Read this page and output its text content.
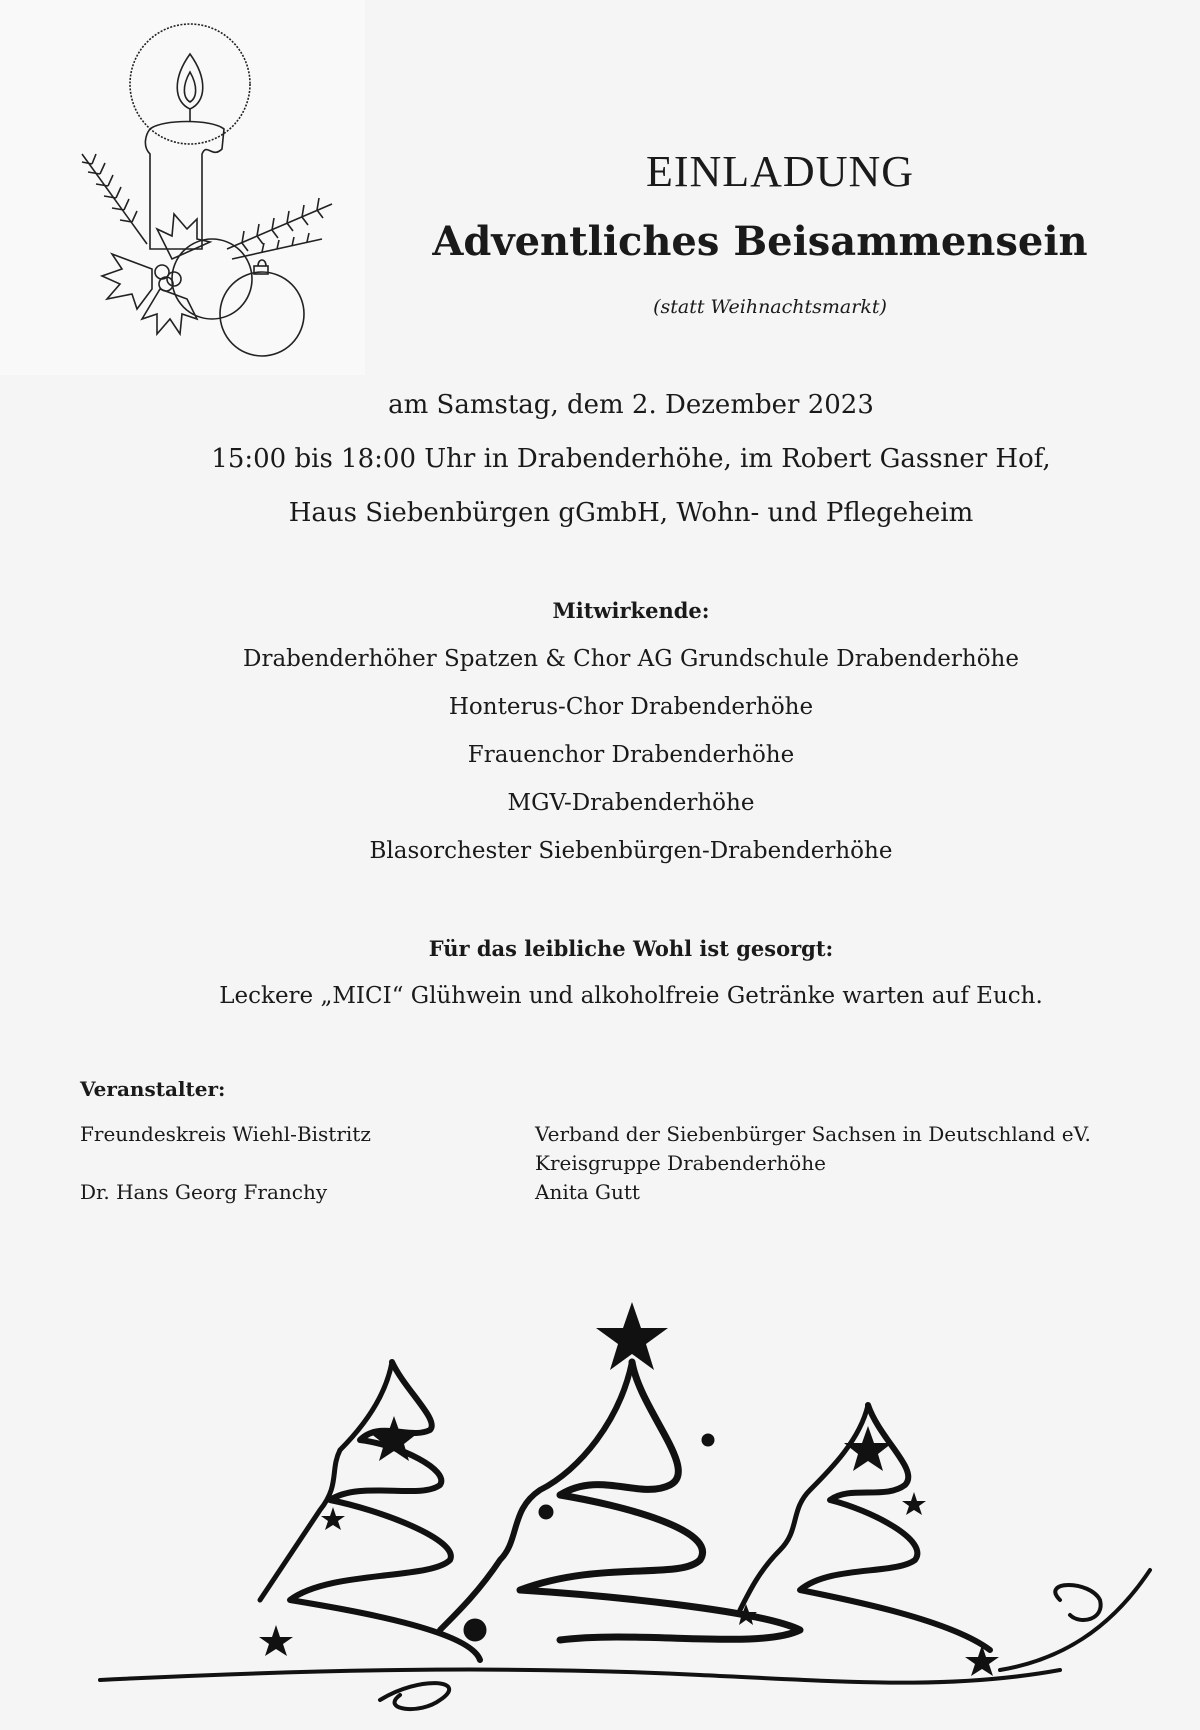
EINLADUNG
Adventliches Beisammensein
(statt Weihnachtsmarkt)
am Samstag, dem 2. Dezember 2023
15:00 bis 18:00 Uhr in Drabenderhöhe, im Robert Gassner Hof,
Haus Siebenbürgen gGmbH, Wohn- und Pflegeheim
Mitwirkende:
Drabenderhöher Spatzen & Chor AG Grundschule Drabenderhöhe
Honterus-Chor Drabenderhöhe
Frauenchor Drabenderhöhe
MGV-Drabenderhöhe
Blasorchester Siebenbürgen-Drabenderhöhe
Für das leibliche Wohl ist gesorgt:
Leckere „MICI“ Glühwein und alkoholfreie Getränke warten auf Euch.
Veranstalter:
Freundeskreis Wiehl-Bistritz
Dr. Hans Georg Franchy
Verband der Siebenbürger Sachsen in Deutschland eV.
Kreisgruppe Drabenderhöhe
Anita Gutt
